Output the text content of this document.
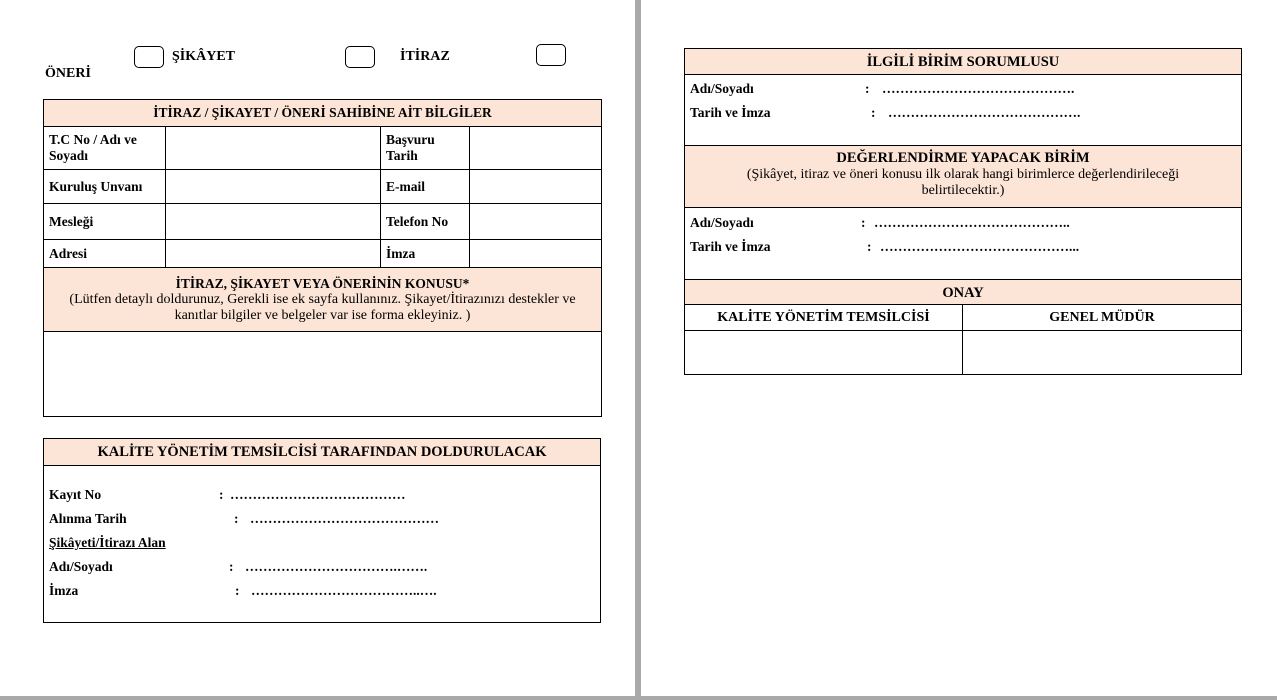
ÖNERİ
ŞİKÂYET	İTİRAZ
İTİRAZ / ŞİKAYET / ÖNERİ SAHİBİNE AİT BİLGİLER			
T.C No / Adı ve Soyadı		Başvuru Tarih	
Kuruluş Unvanı		E-mail	
Mesleği		Telefon No	
Adresi		İmza	

İTİRAZ, ŞİKAYET VEYA ÖNERİNİN KONUSU*
(Lütfen detaylı doldurunuz, Gerekli ise ek sayfa kullanınız. Şikayet/İtirazınızı destekler ve kanıtlar bilgiler ve belgeler var ise forma ekleyiniz. )			

KALİTE YÖNETİM TEMSİLCİSİ TARAFINDAN DOLDURULACAK
Kayıt No	: …………………………………
Alınma Tarih	: ……………………………………
Şikâyeti/İtirazı Alan
Adı/Soyadı	: …………………………….…….
İmza	: ………………………………..….
İLGİLİ BİRİM SORUMLUSU
Adı/Soyadı	: …………………………………….
Tarih ve İmza	: …………………………………….
DEĞERLENDİRME YAPACAK BİRİM
(Şikâyet, itiraz ve öneri konusu ilk olarak hangi birimlerce değerlendirileceği belirtilecektir.)
Adı/Soyadı	: ……………………………………..
Tarih ve İmza	: ……………………………………...
ONAY
KALİTE YÖNETİM TEMSİLCİSİ	GENEL MÜDÜR
